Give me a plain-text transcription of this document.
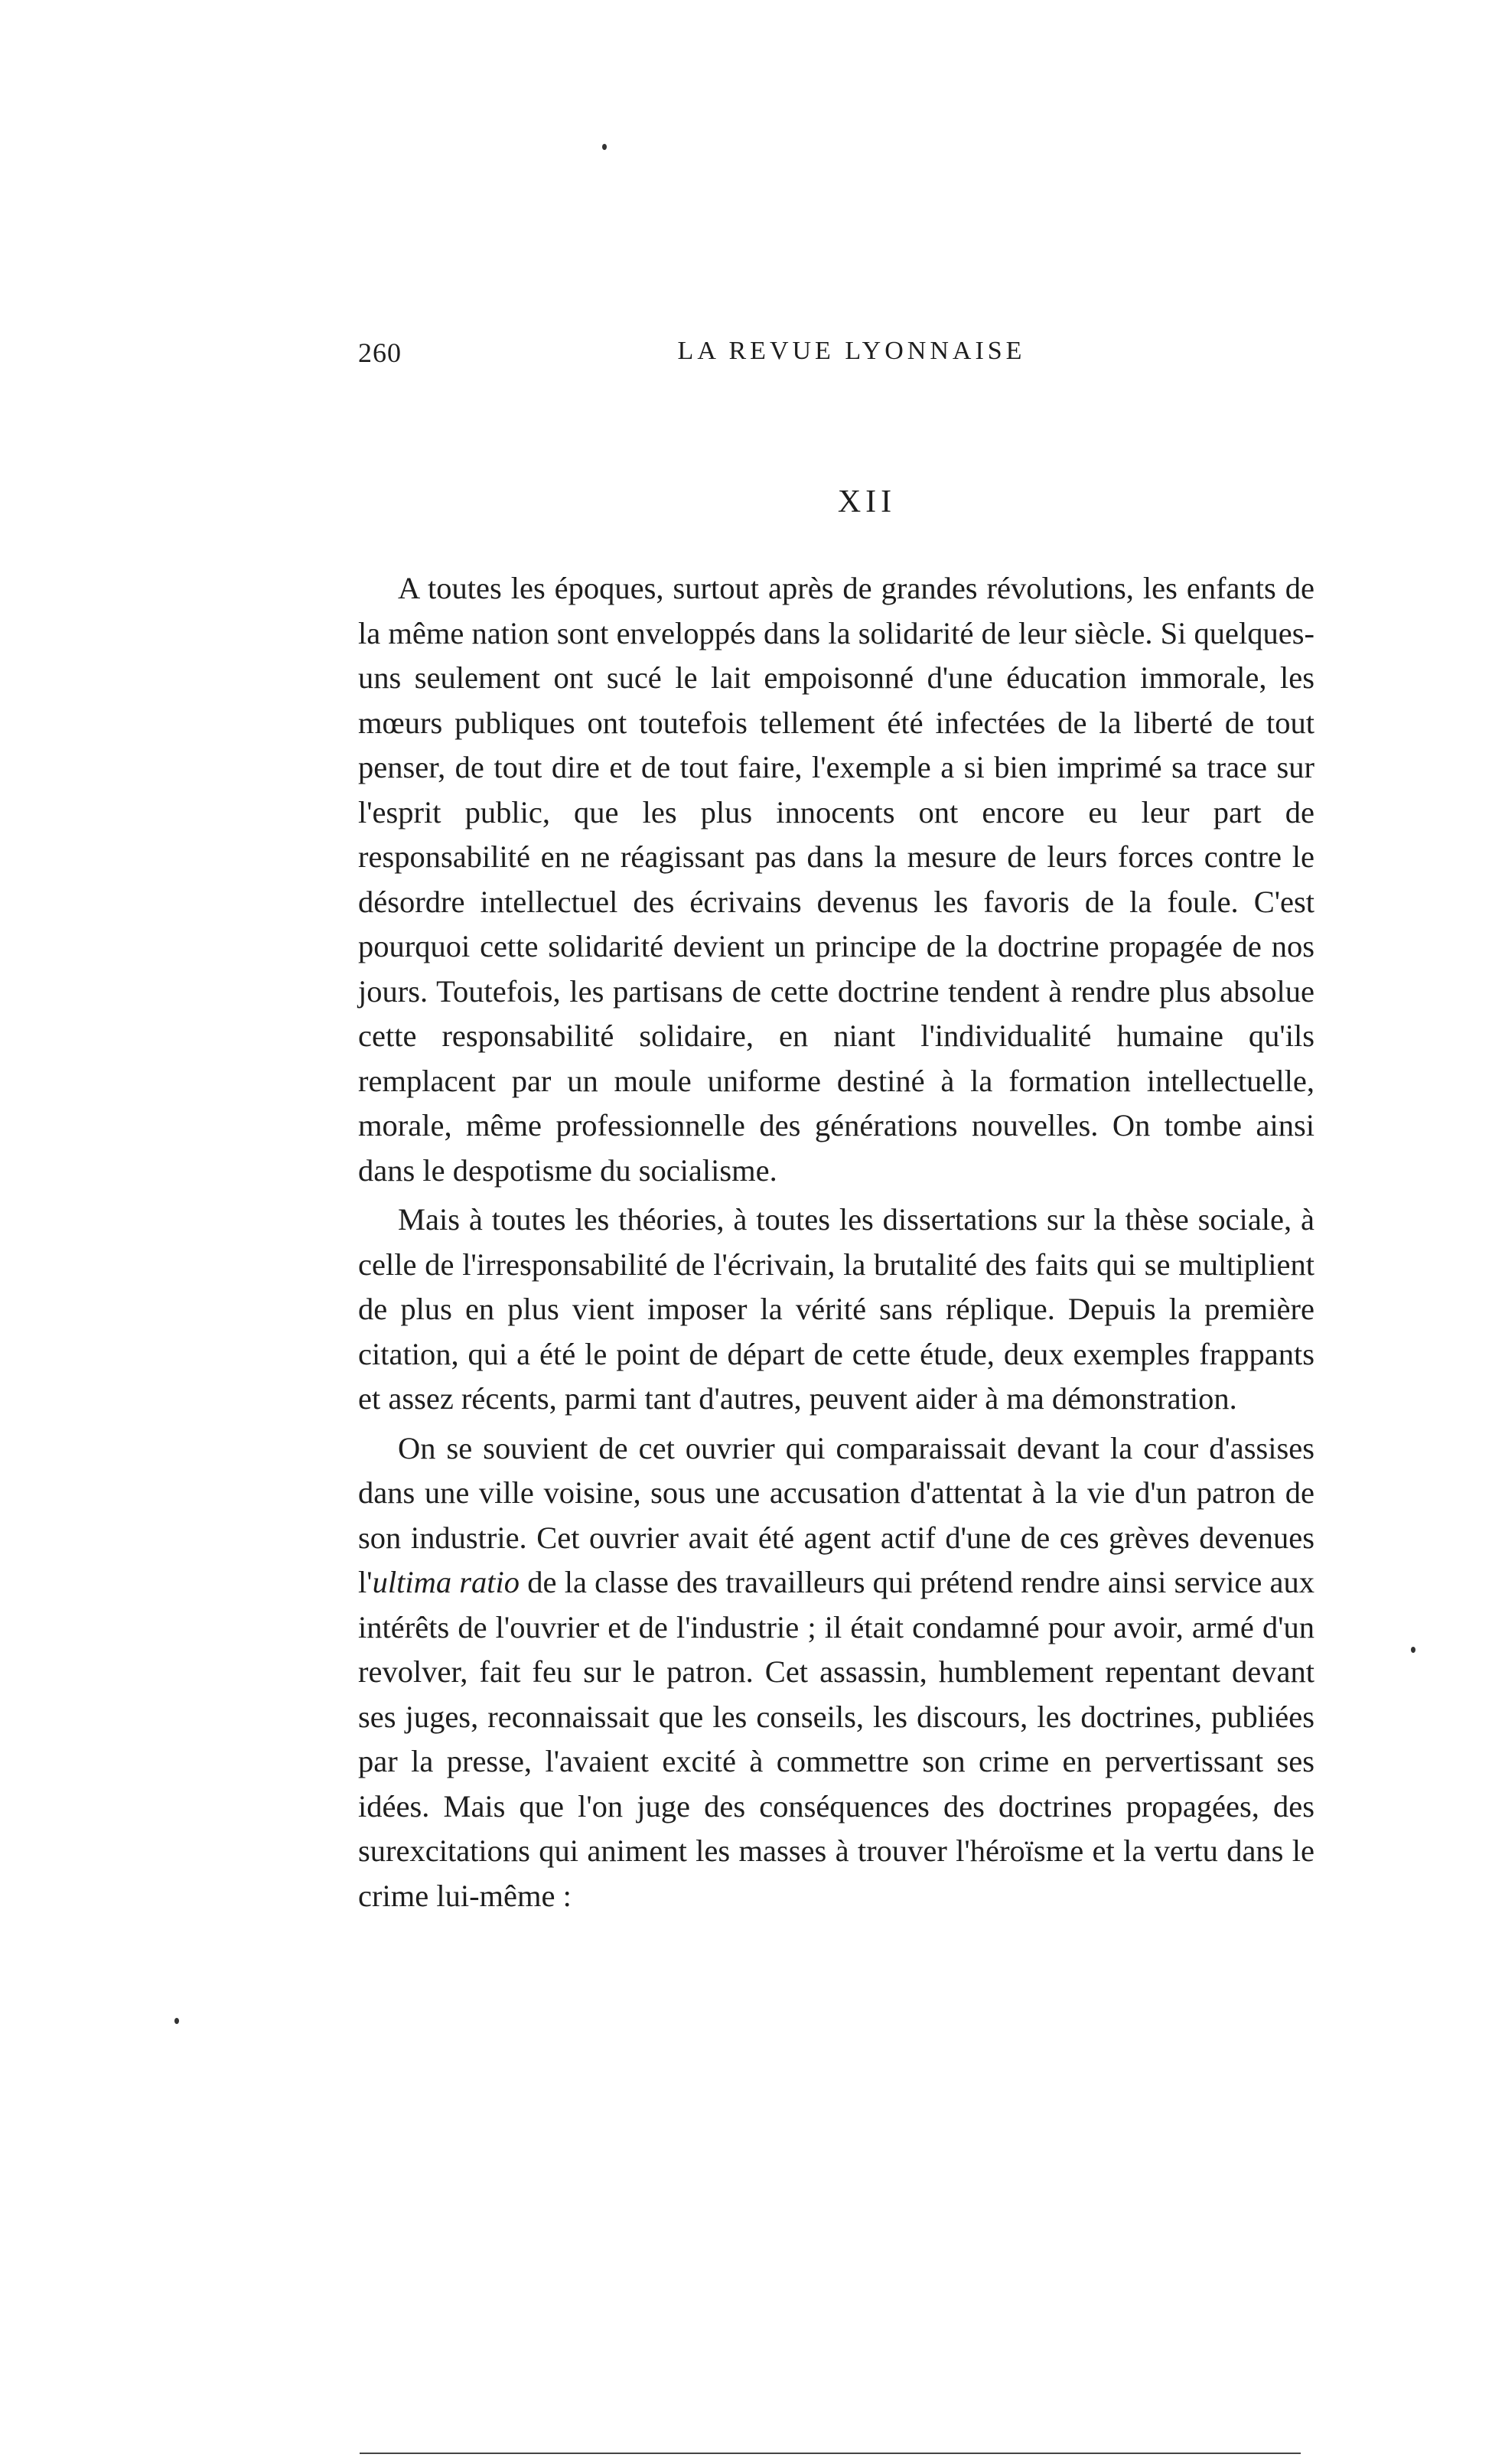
260	LA REVUE LYONNAISE
XII

A toutes les époques, surtout après de grandes révolutions, les enfants de la même nation sont enveloppés dans la solidarité de leur siècle. Si quelques-uns seulement ont sucé le lait empoisonné d'une éducation immorale, les mœurs publiques ont toutefois tellement été infectées de la liberté de tout penser, de tout dire et de tout faire, l'exemple a si bien imprimé sa trace sur l'esprit public, que les plus innocents ont encore eu leur part de responsabilité en ne réagissant pas dans la mesure de leurs forces contre le désordre intellectuel des écrivains devenus les favoris de la foule. C'est pourquoi cette solidarité devient un principe de la doctrine propagée de nos jours. Toutefois, les partisans de cette doctrine tendent à rendre plus absolue cette responsabilité solidaire, en niant l'individualité humaine qu'ils remplacent par un moule uniforme destiné à la formation intellectuelle, morale, même professionnelle des générations nouvelles. On tombe ainsi dans le despotisme du socialisme.

Mais à toutes les théories, à toutes les dissertations sur la thèse sociale, à celle de l'irresponsabilité de l'écrivain, la brutalité des faits qui se multiplient de plus en plus vient imposer la vérité sans réplique. Depuis la première citation, qui a été le point de départ de cette étude, deux exemples frappants et assez récents, parmi tant d'autres, peuvent aider à ma démonstration.

On se souvient de cet ouvrier qui comparaissait devant la cour d'assises dans une ville voisine, sous une accusation d'attentat à la vie d'un patron de son industrie. Cet ouvrier avait été agent actif d'une de ces grèves devenues l'ultima ratio de la classe des travailleurs qui prétend rendre ainsi service aux intérêts de l'ouvrier et de l'industrie ; il était condamné pour avoir, armé d'un revolver, fait feu sur le patron. Cet assassin, humblement repentant devant ses juges, reconnaissait que les conseils, les discours, les doctrines, publiées par la presse, l'avaient excité à commettre son crime en pervertissant ses idées. Mais que l'on juge des conséquences des doctrines propagées, des surexcitations qui animent les masses à trouver l'héroïsme et la vertu dans le crime lui-même :
